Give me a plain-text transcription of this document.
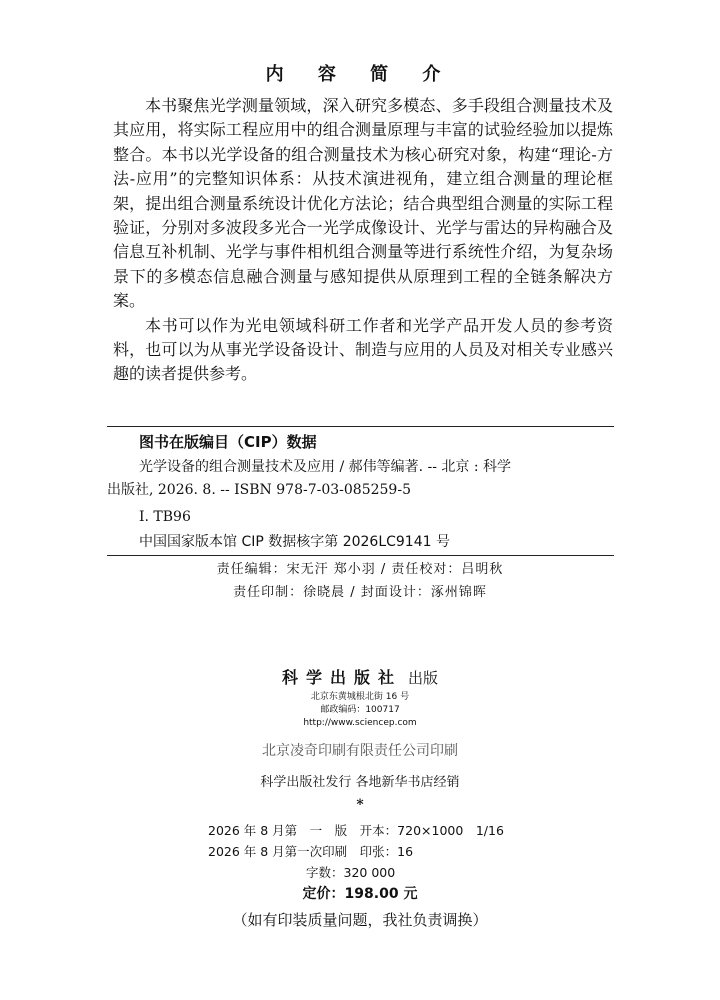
内 容 简 介

本书聚焦光学测量领域，深入研究多模态、多手段组合测量技术及其应用，将实际工程应用中的组合测量原理与丰富的试验经验加以提炼整合。本书以光学设备的组合测量技术为核心研究对象，构建“理论-方法-应用”的完整知识体系：从技术演进视角，建立组合测量的理论框架，提出组合测量系统设计优化方法论；结合典型组合测量的实际工程验证，分别对多波段多光合一光学成像设计、光学与雷达的异构融合及信息互补机制、光学与事件相机组合测量等进行系统性介绍，为复杂场景下的多模态信息融合测量与感知提供从原理到工程的全链条解决方案。

本书可以作为光电领域科研工作者和光学产品开发人员的参考资料，也可以为从事光学设备设计、制造与应用的人员及对相关专业感兴趣的读者提供参考。

图书在版编目（CIP）数据
光学设备的组合测量技术及应用 / 郝伟等编著. -- 北京 : 科学
出版社, 2026. 8. -- ISBN 978-7-03-085259-5
Ⅰ. TB96
中国国家版本馆 CIP 数据核字第 2026LC9141 号
责任编辑：宋无汗 郑小羽 / 责任校对：吕明秋
责任印制：徐晓晨 / 封面设计：涿州锦晖
科学出版社 出版
北京东黄城根北街 16 号
邮政编码：100717
http://www.sciencep.com
北京凌奇印刷有限责任公司印刷
科学出版社发行 各地新华书店经销
*
2026 年 8 月第　一　版　开本：720×1000　1/16
2026 年 8 月第一次印刷　印张：16
字数：320 000
定价：198.00 元
（如有印装质量问题，我社负责调换）
